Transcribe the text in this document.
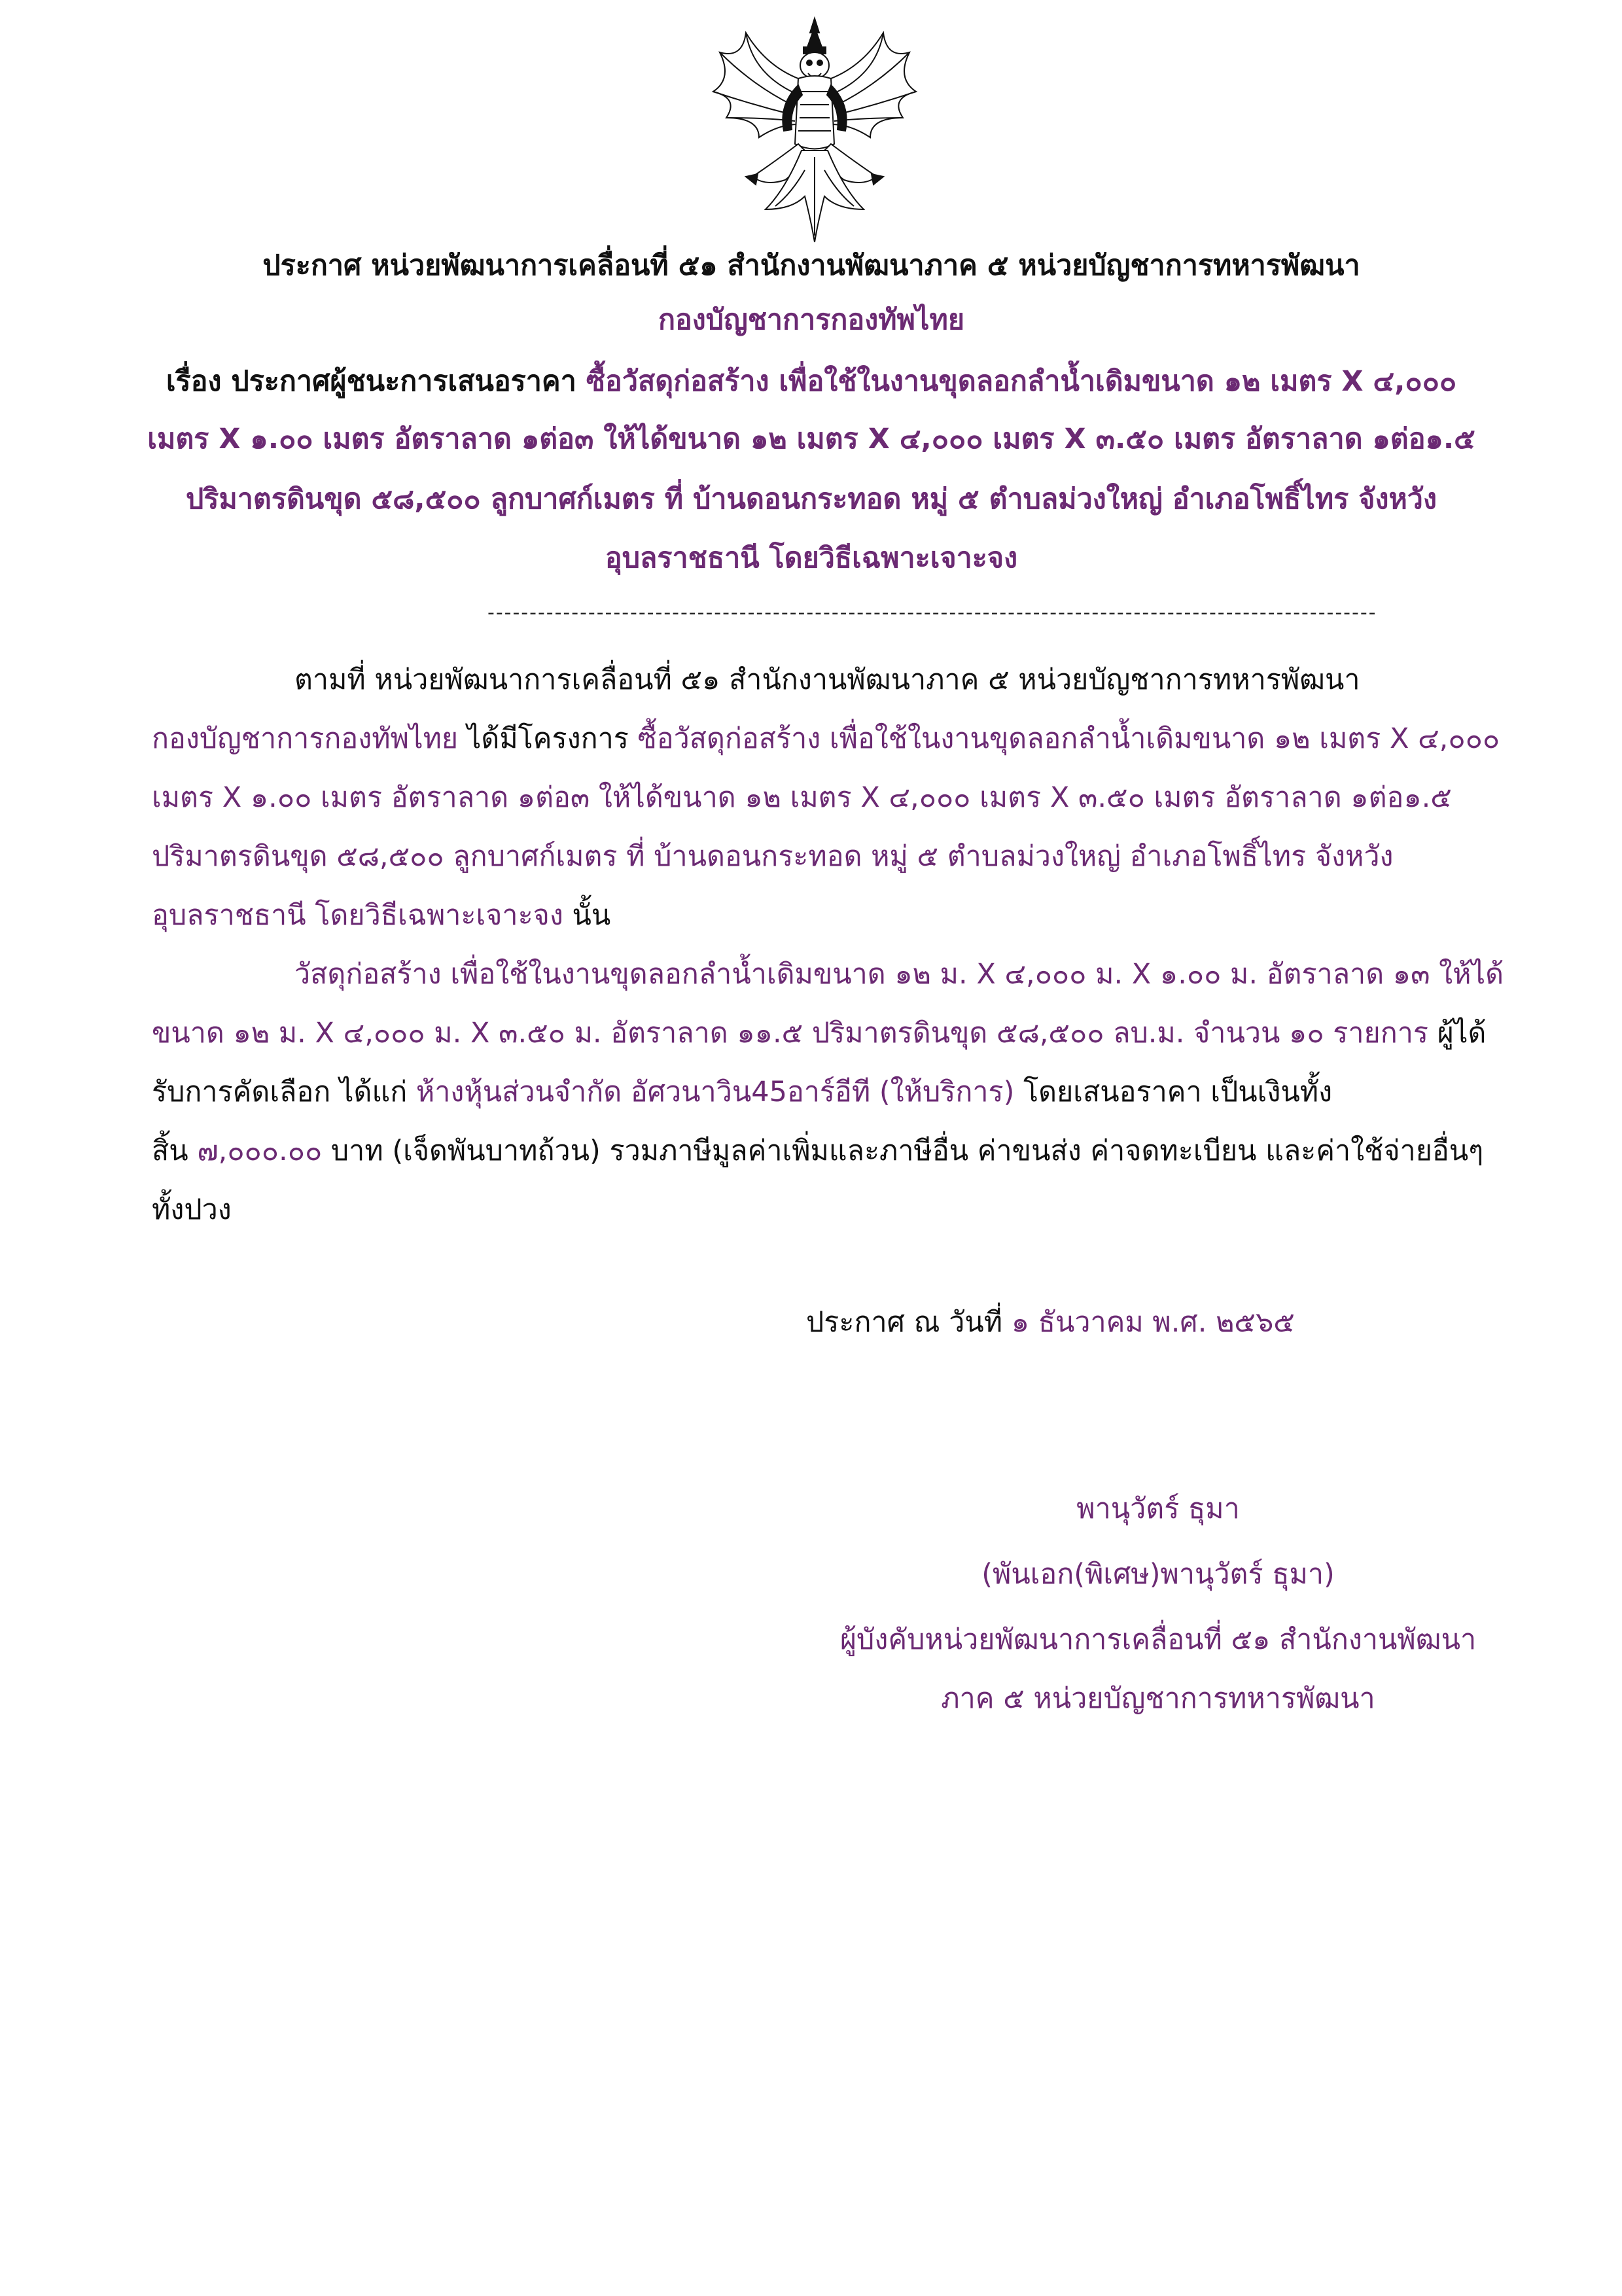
ประกาศ หน่วยพัฒนาการเคลื่อนที่ ๕๑ สำนักงานพัฒนาภาค ๕ หน่วยบัญชาการทหารพัฒนา
กองบัญชาการกองทัพไทย
เรื่อง ประกาศผู้ชนะการเสนอราคา ซื้อวัสดุก่อสร้าง เพื่อใช้ในงานขุดลอกลำน้ำเดิมขนาด ๑๒ เมตร X ๔,๐๐๐
เมตร X ๑.๐๐ เมตร อัตราลาด ๑ต่อ๓ ให้ได้ขนาด ๑๒ เมตร X ๔,๐๐๐ เมตร X ๓.๕๐ เมตร อัตราลาด ๑ต่อ๑.๕
ปริมาตรดินขุด ๕๘,๕๐๐ ลูกบาศก์เมตร ที่ บ้านดอนกระทอด หมู่ ๕ ตำบลม่วงใหญ่ อำเภอโพธิ์ไทร จังหวัง
อุบลราชธานี โดยวิธีเฉพาะเจาะจง
----------------------------------------------------------------------------------------------------------
ตามที่ หน่วยพัฒนาการเคลื่อนที่ ๕๑ สำนักงานพัฒนาภาค ๕ หน่วยบัญชาการทหารพัฒนา
กองบัญชาการกองทัพไทย ได้มีโครงการ ซื้อวัสดุก่อสร้าง เพื่อใช้ในงานขุดลอกลำน้ำเดิมขนาด ๑๒ เมตร X ๔,๐๐๐
เมตร X ๑.๐๐ เมตร อัตราลาด ๑ต่อ๓ ให้ได้ขนาด ๑๒ เมตร X ๔,๐๐๐ เมตร X ๓.๕๐ เมตร อัตราลาด ๑ต่อ๑.๕
ปริมาตรดินขุด ๕๘,๕๐๐ ลูกบาศก์เมตร ที่ บ้านดอนกระทอด หมู่ ๕ ตำบลม่วงใหญ่ อำเภอโพธิ์ไทร จังหวัง
อุบลราชธานี โดยวิธีเฉพาะเจาะจง นั้น
วัสดุก่อสร้าง เพื่อใช้ในงานขุดลอกลำน้ำเดิมขนาด ๑๒ ม. X ๔,๐๐๐ ม. X ๑.๐๐ ม. อัตราลาด ๑๓ ให้ได้
ขนาด ๑๒ ม. X ๔,๐๐๐ ม. X ๓.๕๐ ม. อัตราลาด ๑๑.๕ ปริมาตรดินขุด ๕๘,๕๐๐ ลบ.ม. จำนวน ๑๐ รายการ ผู้ได้
รับการคัดเลือก ได้แก่ ห้างหุ้นส่วนจำกัด อัศวนาวิน45อาร์อีที (ให้บริการ) โดยเสนอราคา เป็นเงินทั้ง
สิ้น ๗,๐๐๐.๐๐ บาท (เจ็ดพันบาทถ้วน) รวมภาษีมูลค่าเพิ่มและภาษีอื่น ค่าขนส่ง ค่าจดทะเบียน และค่าใช้จ่ายอื่นๆ
ทั้งปวง
ประกาศ ณ วันที่ ๑ ธันวาคม พ.ศ. ๒๕๖๕
พานุวัตร์ ธุมา
(พันเอก(พิเศษ)พานุวัตร์ ธุมา)
ผู้บังคับหน่วยพัฒนาการเคลื่อนที่ ๕๑ สำนักงานพัฒนา
ภาค ๕ หน่วยบัญชาการทหารพัฒนา
